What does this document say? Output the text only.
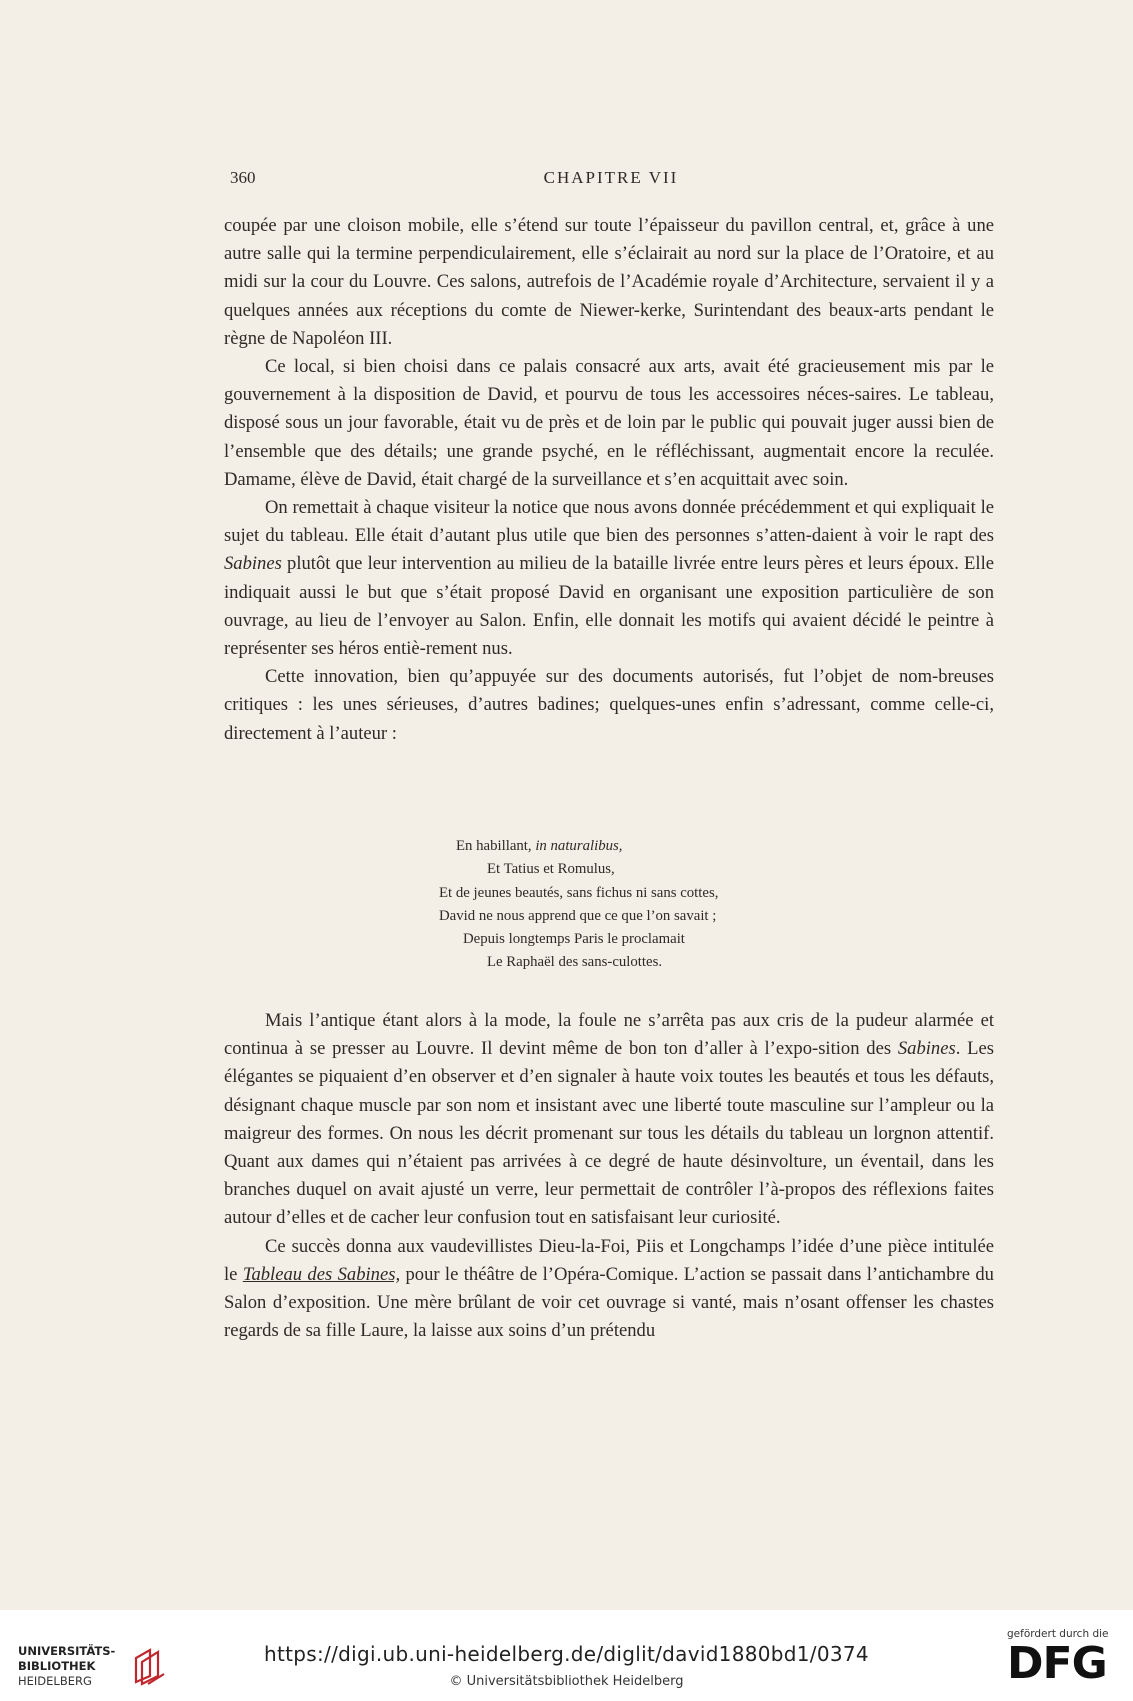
360	CHAPITRE VII

coupée par une cloison mobile, elle s’étend sur toute l’épaisseur du pavillon central, et, grâce à une autre salle qui la termine perpendiculairement, elle s’éclairait au nord sur la place de l’Oratoire, et au midi sur la cour du Louvre. Ces salons, autrefois de l’Académie royale d’Architecture, servaient il y a quelques années aux réceptions du comte de Niewer-kerke, Surintendant des beaux-arts pendant le règne de Napoléon III.

Ce local, si bien choisi dans ce palais consacré aux arts, avait été gracieusement mis par le gouvernement à la disposition de David, et pourvu de tous les accessoires néces-saires. Le tableau, disposé sous un jour favorable, était vu de près et de loin par le public qui pouvait juger aussi bien de l’ensemble que des détails; une grande psyché, en le réfléchissant, augmentait encore la reculée. Damame, élève de David, était chargé de la surveillance et s’en acquittait avec soin.

On remettait à chaque visiteur la notice que nous avons donnée précédemment et qui expliquait le sujet du tableau. Elle était d’autant plus utile que bien des personnes s’atten-daient à voir le rapt des Sabines plutôt que leur intervention au milieu de la bataille livrée entre leurs pères et leurs époux. Elle indiquait aussi le but que s’était proposé David en organisant une exposition particulière de son ouvrage, au lieu de l’envoyer au Salon. Enfin, elle donnait les motifs qui avaient décidé le peintre à représenter ses héros entiè-rement nus.

Cette innovation, bien qu’appuyée sur des documents autorisés, fut l’objet de nom-breuses critiques : les unes sérieuses, d’autres badines; quelques-unes enfin s’adressant, comme celle-ci, directement à l’auteur :

En habillant, in naturalibus,
Et Tatius et Romulus,
Et de jeunes beautés, sans fichus ni sans cottes,
David ne nous apprend que ce que l’on savait ;
Depuis longtemps Paris le proclamait
Le Raphaël des sans-culottes.

Mais l’antique étant alors à la mode, la foule ne s’arrêta pas aux cris de la pudeur alarmée et continua à se presser au Louvre. Il devint même de bon ton d’aller à l’expo-sition des Sabines. Les élégantes se piquaient d’en observer et d’en signaler à haute voix toutes les beautés et tous les défauts, désignant chaque muscle par son nom et insistant avec une liberté toute masculine sur l’ampleur ou la maigreur des formes. On nous les décrit promenant sur tous les détails du tableau un lorgnon attentif. Quant aux dames qui n’étaient pas arrivées à ce degré de haute désinvolture, un éventail, dans les branches duquel on avait ajusté un verre, leur permettait de contrôler l’à-propos des réflexions faites autour d’elles et de cacher leur confusion tout en satisfaisant leur curiosité.

Ce succès donna aux vaudevillistes Dieu-la-Foi, Piis et Longchamps l’idée d’une pièce intitulée le Tableau des Sabines, pour le théâtre de l’Opéra-Comique. L’action se passait dans l’antichambre du Salon d’exposition. Une mère brûlant de voir cet ouvrage si vanté, mais n’osant offenser les chastes regards de sa fille Laure, la laisse aux soins d’un prétendu

UNIVERSITÄTS-
BIBLIOTHEK
HEIDELBERG
https://digi.ub.uni-heidelberg.de/diglit/david1880bd1/0374
© Universitätsbibliothek Heidelberg
gefördert durch die
DFG
